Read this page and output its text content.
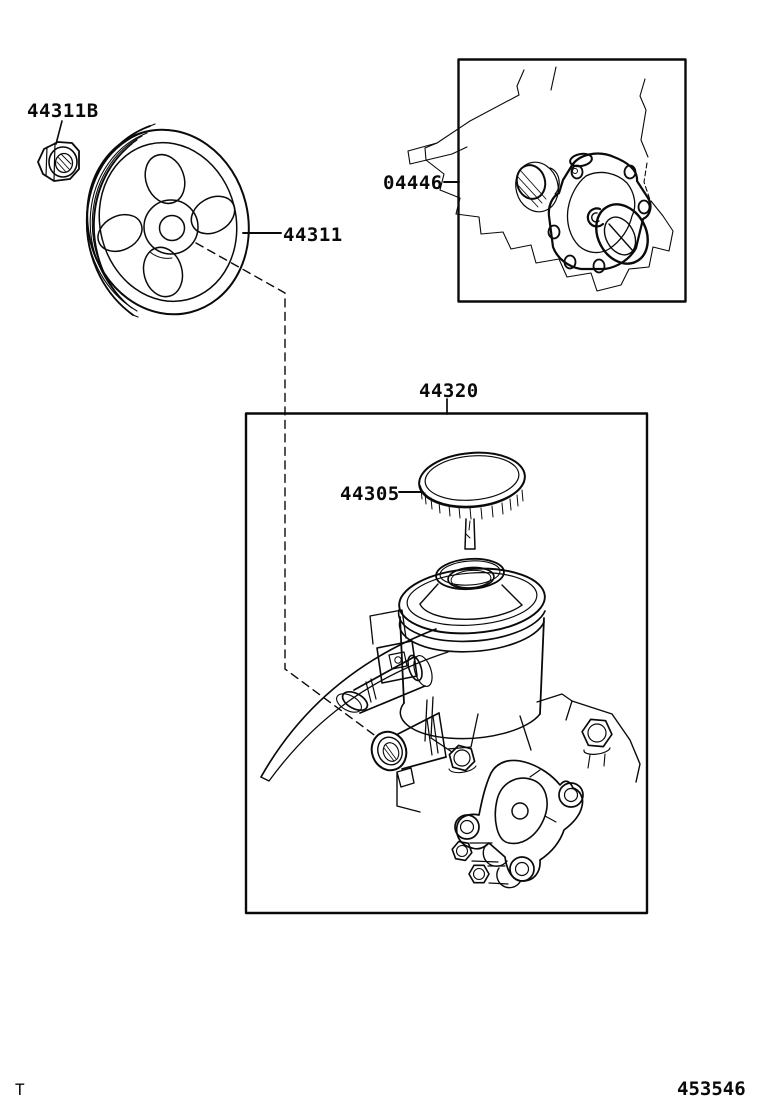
44311B
44311
04446
44320
44305
T	453546
